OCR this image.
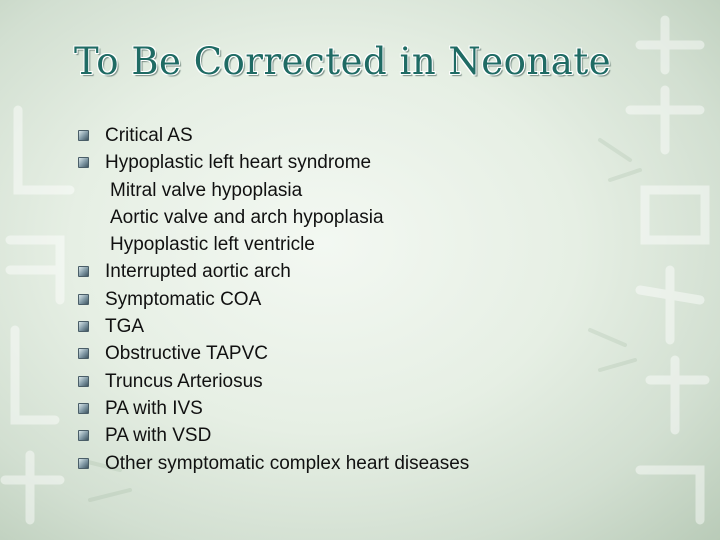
To Be Corrected in Neonate
Critical AS
Hypoplastic left heart syndrome
Mitral valve hypoplasia
Aortic valve and arch hypoplasia
Hypoplastic left ventricle
Interrupted aortic arch
Symptomatic COA
TGA
Obstructive TAPVC
Truncus Arteriosus
PA with IVS
PA with VSD
Other symptomatic complex heart diseases
